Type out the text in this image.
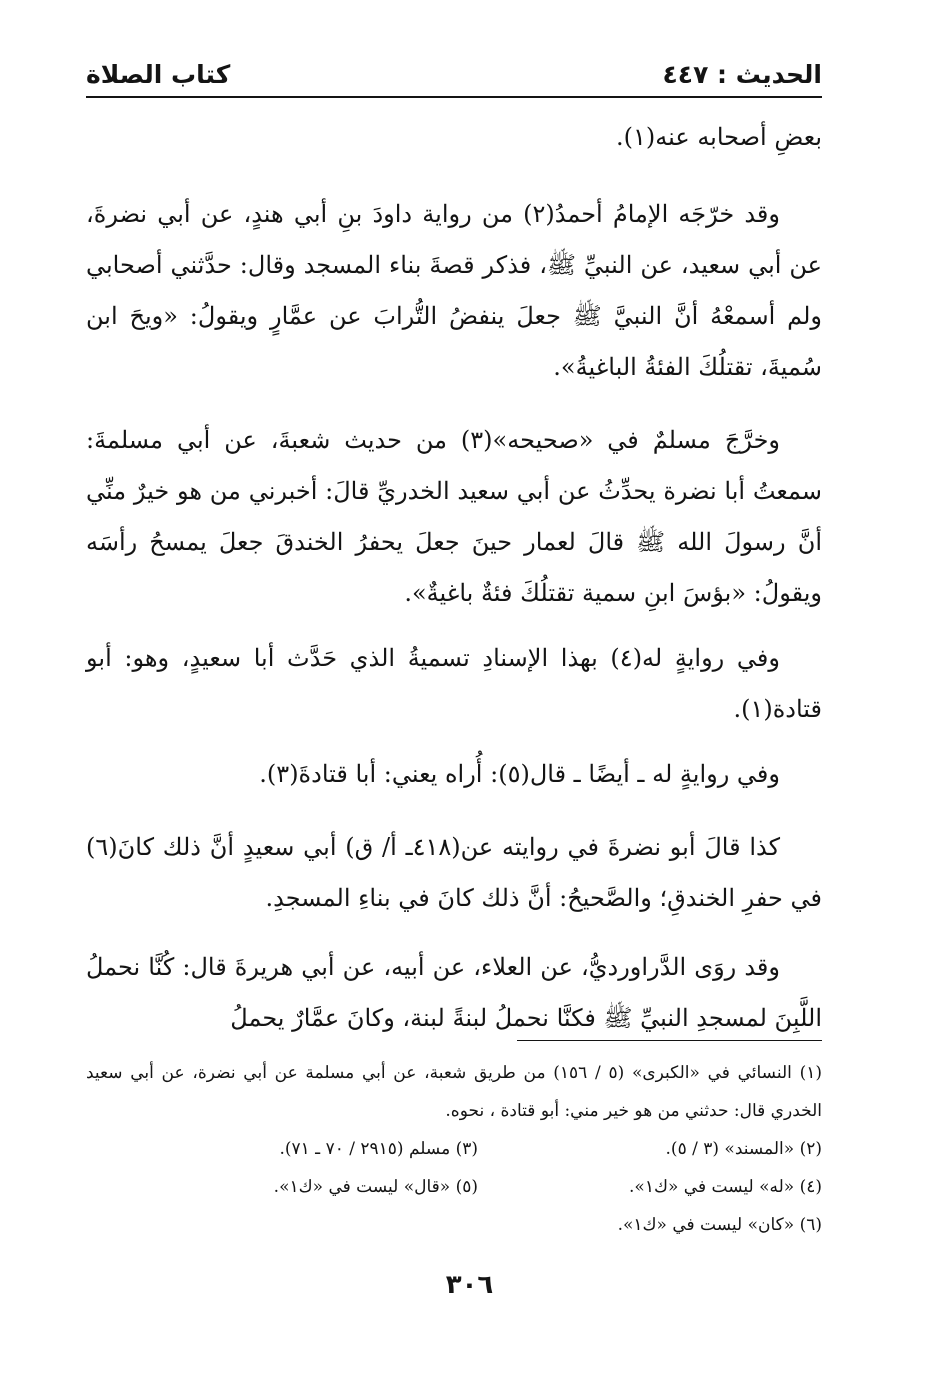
الحديث : ٤٤٧
كتاب الصلاة

بعضِ أصحابه عنه(١).

وقد خرّجَه الإمامُ أحمدُ(٢) من رواية داودَ بنِ أبي هندٍ، عن أبي نضرةَ، عن أبي سعيد، عن النبيِّ ﷺ، فذكر قصةَ بناء المسجد وقال: حدَّثني أصحابي ولم أسمعْهُ أنَّ النبيَّ ﷺ جعلَ ينفضُ التُّرابَ عن عمَّارٍ ويقولُ: «ويحَ ابن سُميةَ، تقتلُكَ الفئةُ الباغيةُ».

وخرَّجَ مسلمٌ في «صحيحه»(٣) من حديث شعبةَ، عن أبي مسلمةَ: سمعتُ أبا نضرة يحدِّثُ عن أبي سعيد الخدريِّ قالَ: أخبرني من هو خيرٌ منِّي أنَّ رسولَ الله ﷺ قالَ لعمار حينَ جعلَ يحفرُ الخندقَ جعلَ يمسحُ رأسَه ويقولُ: «بؤسَ ابنِ سمية تقتلُكَ فئةٌ باغيةٌ».

وفي روايةٍ له(٤) بهذا الإسنادِ تسميةُ الذي حَدَّث أبا سعيدٍ، وهو: أبو قتادة(١).

وفي روايةٍ له ـ أيضًا ـ قال(٥): أُراه يعني: أبا قتادةَ(٣).

كذا قالَ أبو نضرةَ في روايته عن(٤١٨ـ أ/ ق) أبي سعيدٍ أنَّ ذلك كانَ(٦) في حفرِ الخندقِ؛ والصَّحيحُ: أنَّ ذلك كانَ في بناءِ المسجدِ.

وقد روَى الدَّراورديُّ، عن العلاء، عن أبيه، عن أبي هريرةَ قال: كُنَّا نحملُ اللَّبِنَ لمسجدِ النبيِّ ﷺ فكنَّا نحملُ لبنةً لبنة، وكانَ عمَّارٌ يحملُ

(١) النسائي في «الكبرى» (٥ / ١٥٦) من طريق شعبة، عن أبي مسلمة عن أبي نضرة، عن أبي سعيد الخدري قال: حدثني من هو خير مني: أبو قتادة ، نحوه.
(٢) «المسند» (٣ / ٥).
(٣) مسلم (٢٩١٥ / ٧٠ ـ ٧١).
(٤) «له» ليست في «ك١».
(٥) «قال» ليست في «ك١».
(٦) «كان» ليست في «ك١».
٣٠٦
